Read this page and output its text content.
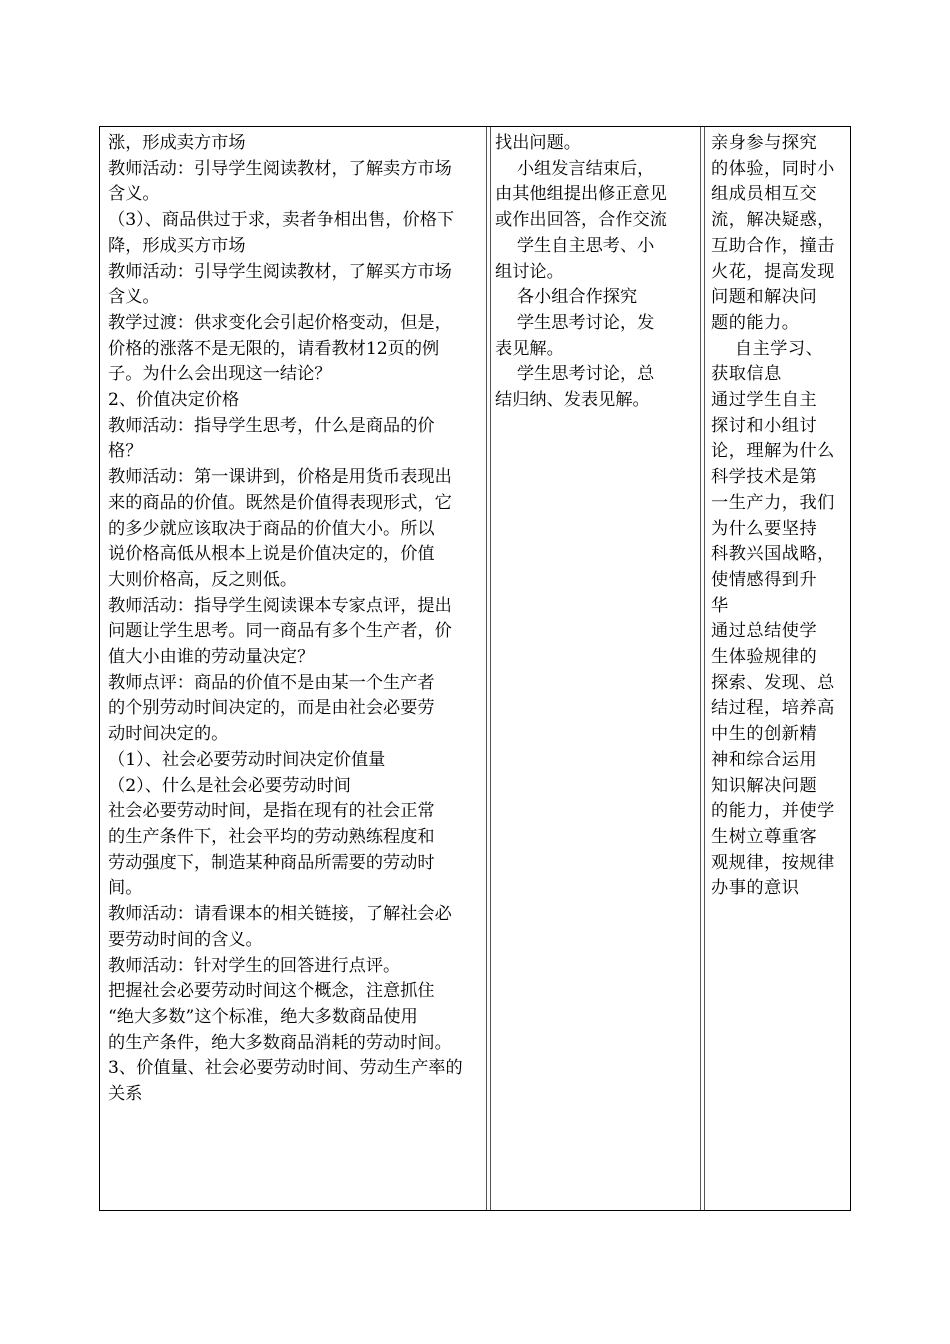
涨，形成卖方市场
教师活动：引导学生阅读教材，了解卖方市场
含义。
（3）、商品供过于求，卖者争相出售，价格下
降，形成买方市场
教师活动：引导学生阅读教材，了解买方市场
含义。
教学过渡：供求变化会引起价格变动，但是，
价格的涨落不是无限的，请看教材12页的例
子。为什么会出现这一结论？
2、价值决定价格
教师活动：指导学生思考，什么是商品的价
格？
教师活动：第一课讲到，价格是用货币表现出
来的商品的价值。既然是价值得表现形式，它
的多少就应该取决于商品的价值大小。所以
说价格高低从根本上说是价值决定的，价值
大则价格高，反之则低。
教师活动：指导学生阅读课本专家点评，提出
问题让学生思考。同一商品有多个生产者，价
值大小由谁的劳动量决定？
教师点评：商品的价值不是由某一个生产者
的个别劳动时间决定的，而是由社会必要劳
动时间决定的。
（1）、社会必要劳动时间决定价值量
（2）、什么是社会必要劳动时间
社会必要劳动时间，是指在现有的社会正常
的生产条件下，社会平均的劳动熟练程度和
劳动强度下，制造某种商品所需要的劳动时
间。
教师活动：请看课本的相关链接，了解社会必
要劳动时间的含义。
教师活动：针对学生的回答进行点评。
把握社会必要劳动时间这个概念，注意抓住
“绝大多数”这个标准，绝大多数商品使用
的生产条件，绝大多数商品消耗的劳动时间。
3、价值量、社会必要劳动时间、劳动生产率的
关系
找出问题。
小组发言结束后，
由其他组提出修正意见
或作出回答，合作交流
学生自主思考、小
组讨论。
各小组合作探究
学生思考讨论，发
表见解。
学生思考讨论，总
结归纳、发表见解。
亲身参与探究
的体验，同时小
组成员相互交
流，解决疑惑，
互助合作，撞击
火花，提高发现
问题和解决问
题的能力。
自主学习、
获取信息
通过学生自主
探讨和小组讨
论，理解为什么
科学技术是第
一生产力，我们
为什么要坚持
科教兴国战略，
使情感得到升
华
通过总结使学
生体验规律的
探索、发现、总
结过程，培养高
中生的创新精
神和综合运用
知识解决问题
的能力，并使学
生树立尊重客
观规律，按规律
办事的意识
